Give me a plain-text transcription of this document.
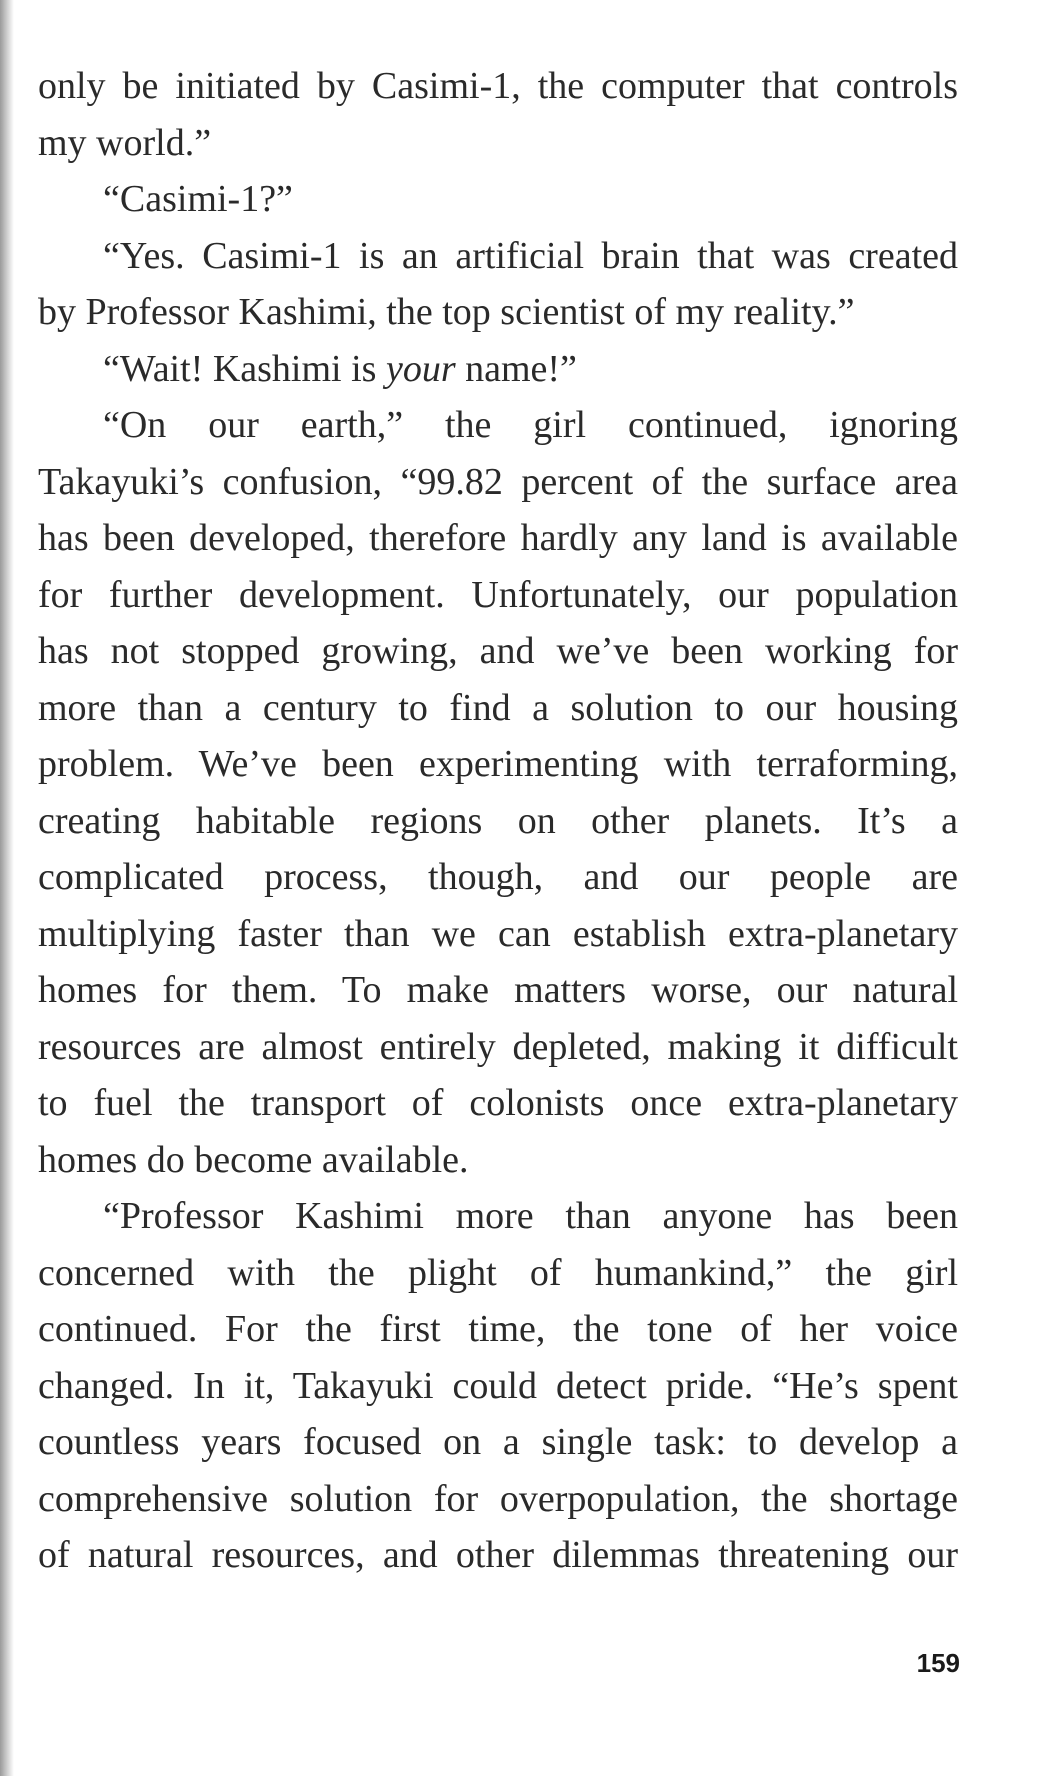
only be initiated by Casimi-1, the computer that controls
my world.”
“Casimi-1?”
“Yes. Casimi-1 is an artificial brain that was created
by Professor Kashimi, the top scientist of my reality.”
“Wait! Kashimi is your name!”
“On our earth,” the girl continued, ignoring
Takayuki’s confusion, “99.82 percent of the surface area
has been developed, therefore hardly any land is available
for further development. Unfortunately, our population
has not stopped growing, and we’ve been working for
more than a century to find a solution to our housing
problem. We’ve been experimenting with terraforming,
creating habitable regions on other planets. It’s a
complicated process, though, and our people are
multiplying faster than we can establish extra-planetary
homes for them. To make matters worse, our natural
resources are almost entirely depleted, making it difficult
to fuel the transport of colonists once extra-planetary
homes do become available.
“Professor Kashimi more than anyone has been
concerned with the plight of humankind,” the girl
continued. For the first time, the tone of her voice
changed. In it, Takayuki could detect pride. “He’s spent
countless years focused on a single task: to develop a
comprehensive solution for overpopulation, the shortage
of natural resources, and other dilemmas threatening our
159
